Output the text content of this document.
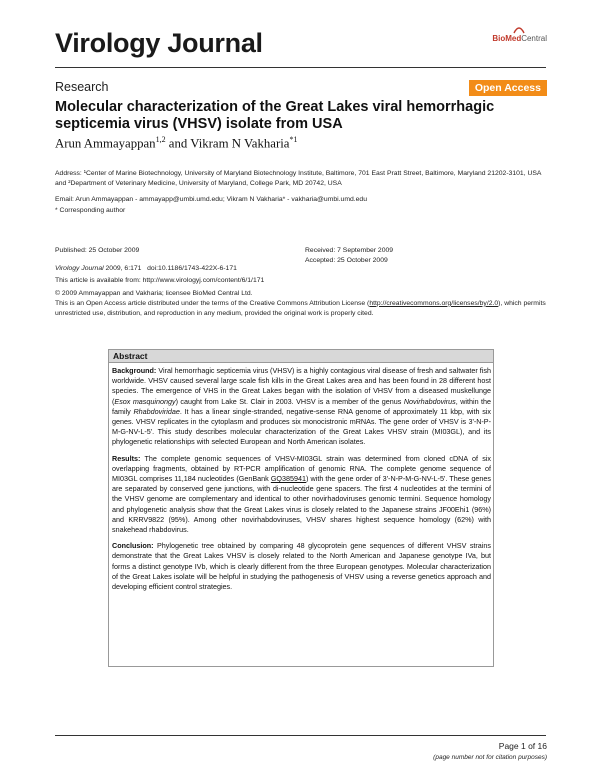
Virology Journal	BioMedCentral
Research	Open Access
Molecular characterization of the Great Lakes viral hemorrhagic septicemia virus (VHSV) isolate from USA
Arun Ammayappan$^{1,2}$ and Vikram N Vakharia$^{*1}$
Address: ¹Center of Marine Biotechnology, University of Maryland Biotechnology Institute, Baltimore, 701 East Pratt Street, Baltimore, Maryland 21202-3101, USA and ²Department of Veterinary Medicine, University of Maryland, College Park, MD 20742, USA
Email: Arun Ammayappan - ammayapp@umbi.umd.edu; Vikram N Vakharia* - vakharia@umbi.umd.edu
* Corresponding author
Published: 25 October 2009	Received: 7 September 2009
Accepted: 25 October 2009
Virology Journal 2009, 6:171   doi:10.1186/1743-422X-6-171
This article is available from: http://www.virologyj.com/content/6/1/171
© 2009 Ammayappan and Vakharia; licensee BioMed Central Ltd.
This is an Open Access article distributed under the terms of the Creative Commons Attribution License (http://creativecommons.org/licenses/by/2.0), which permits unrestricted use, distribution, and reproduction in any medium, provided the original work is properly cited.
Abstract

Background: Viral hemorrhagic septicemia virus (VHSV) is a highly contagious viral disease of fresh and saltwater fish worldwide. VHSV caused several large scale fish kills in the Great Lakes area and has been found in 28 different host species. The emergence of VHS in the Great Lakes began with the isolation of VHSV from a diseased muskellunge (Esox masquinongy) caught from Lake St. Clair in 2003. VHSV is a member of the genus Novirhabdovirus, within the family Rhabdoviridae. It has a linear single-stranded, negative-sense RNA genome of approximately 11 kbp, with six genes. VHSV replicates in the cytoplasm and produces six monocistronic mRNAs. The gene order of VHSV is 3'-N-P-M-G-NV-L-5'. This study describes molecular characterization of the Great Lakes VHSV strain (MI03GL), and its phylogenetic relationships with selected European and North American isolates.

Results: The complete genomic sequences of VHSV-MI03GL strain was determined from cloned cDNA of six overlapping fragments, obtained by RT-PCR amplification of genomic RNA. The complete genome sequence of MI03GL comprises 11,184 nucleotides (GenBank GQ385941) with the gene order of 3'-N-P-M-G-NV-L-5'. These genes are separated by conserved gene junctions, with di-nucleotide gene spacers. The first 4 nucleotides at the termini of the VHSV genome are complementary and identical to other novirhadoviruses genomic termini. Sequence homology and phylogenetic analysis show that the Great Lakes virus is closely related to the Japanese strains JF00Ehi1 (96%) and KRRV9822 (95%). Among other novirhabdoviruses, VHSV shares highest sequence homology (62%) with snakehead rhabdovirus.

Conclusion: Phylogenetic tree obtained by comparing 48 glycoprotein gene sequences of different VHSV strains demonstrate that the Great Lakes VHSV is closely related to the North American and Japanese genotype IVa, but forms a distinct genotype IVb, which is clearly different from the three European genotypes. Molecular characterization of the Great Lakes isolate will be helpful in studying the pathogenesis of VHSV using a reverse genetics approach and developing efficient control strategies.

Page 1 of 16
(page number not for citation purposes)
